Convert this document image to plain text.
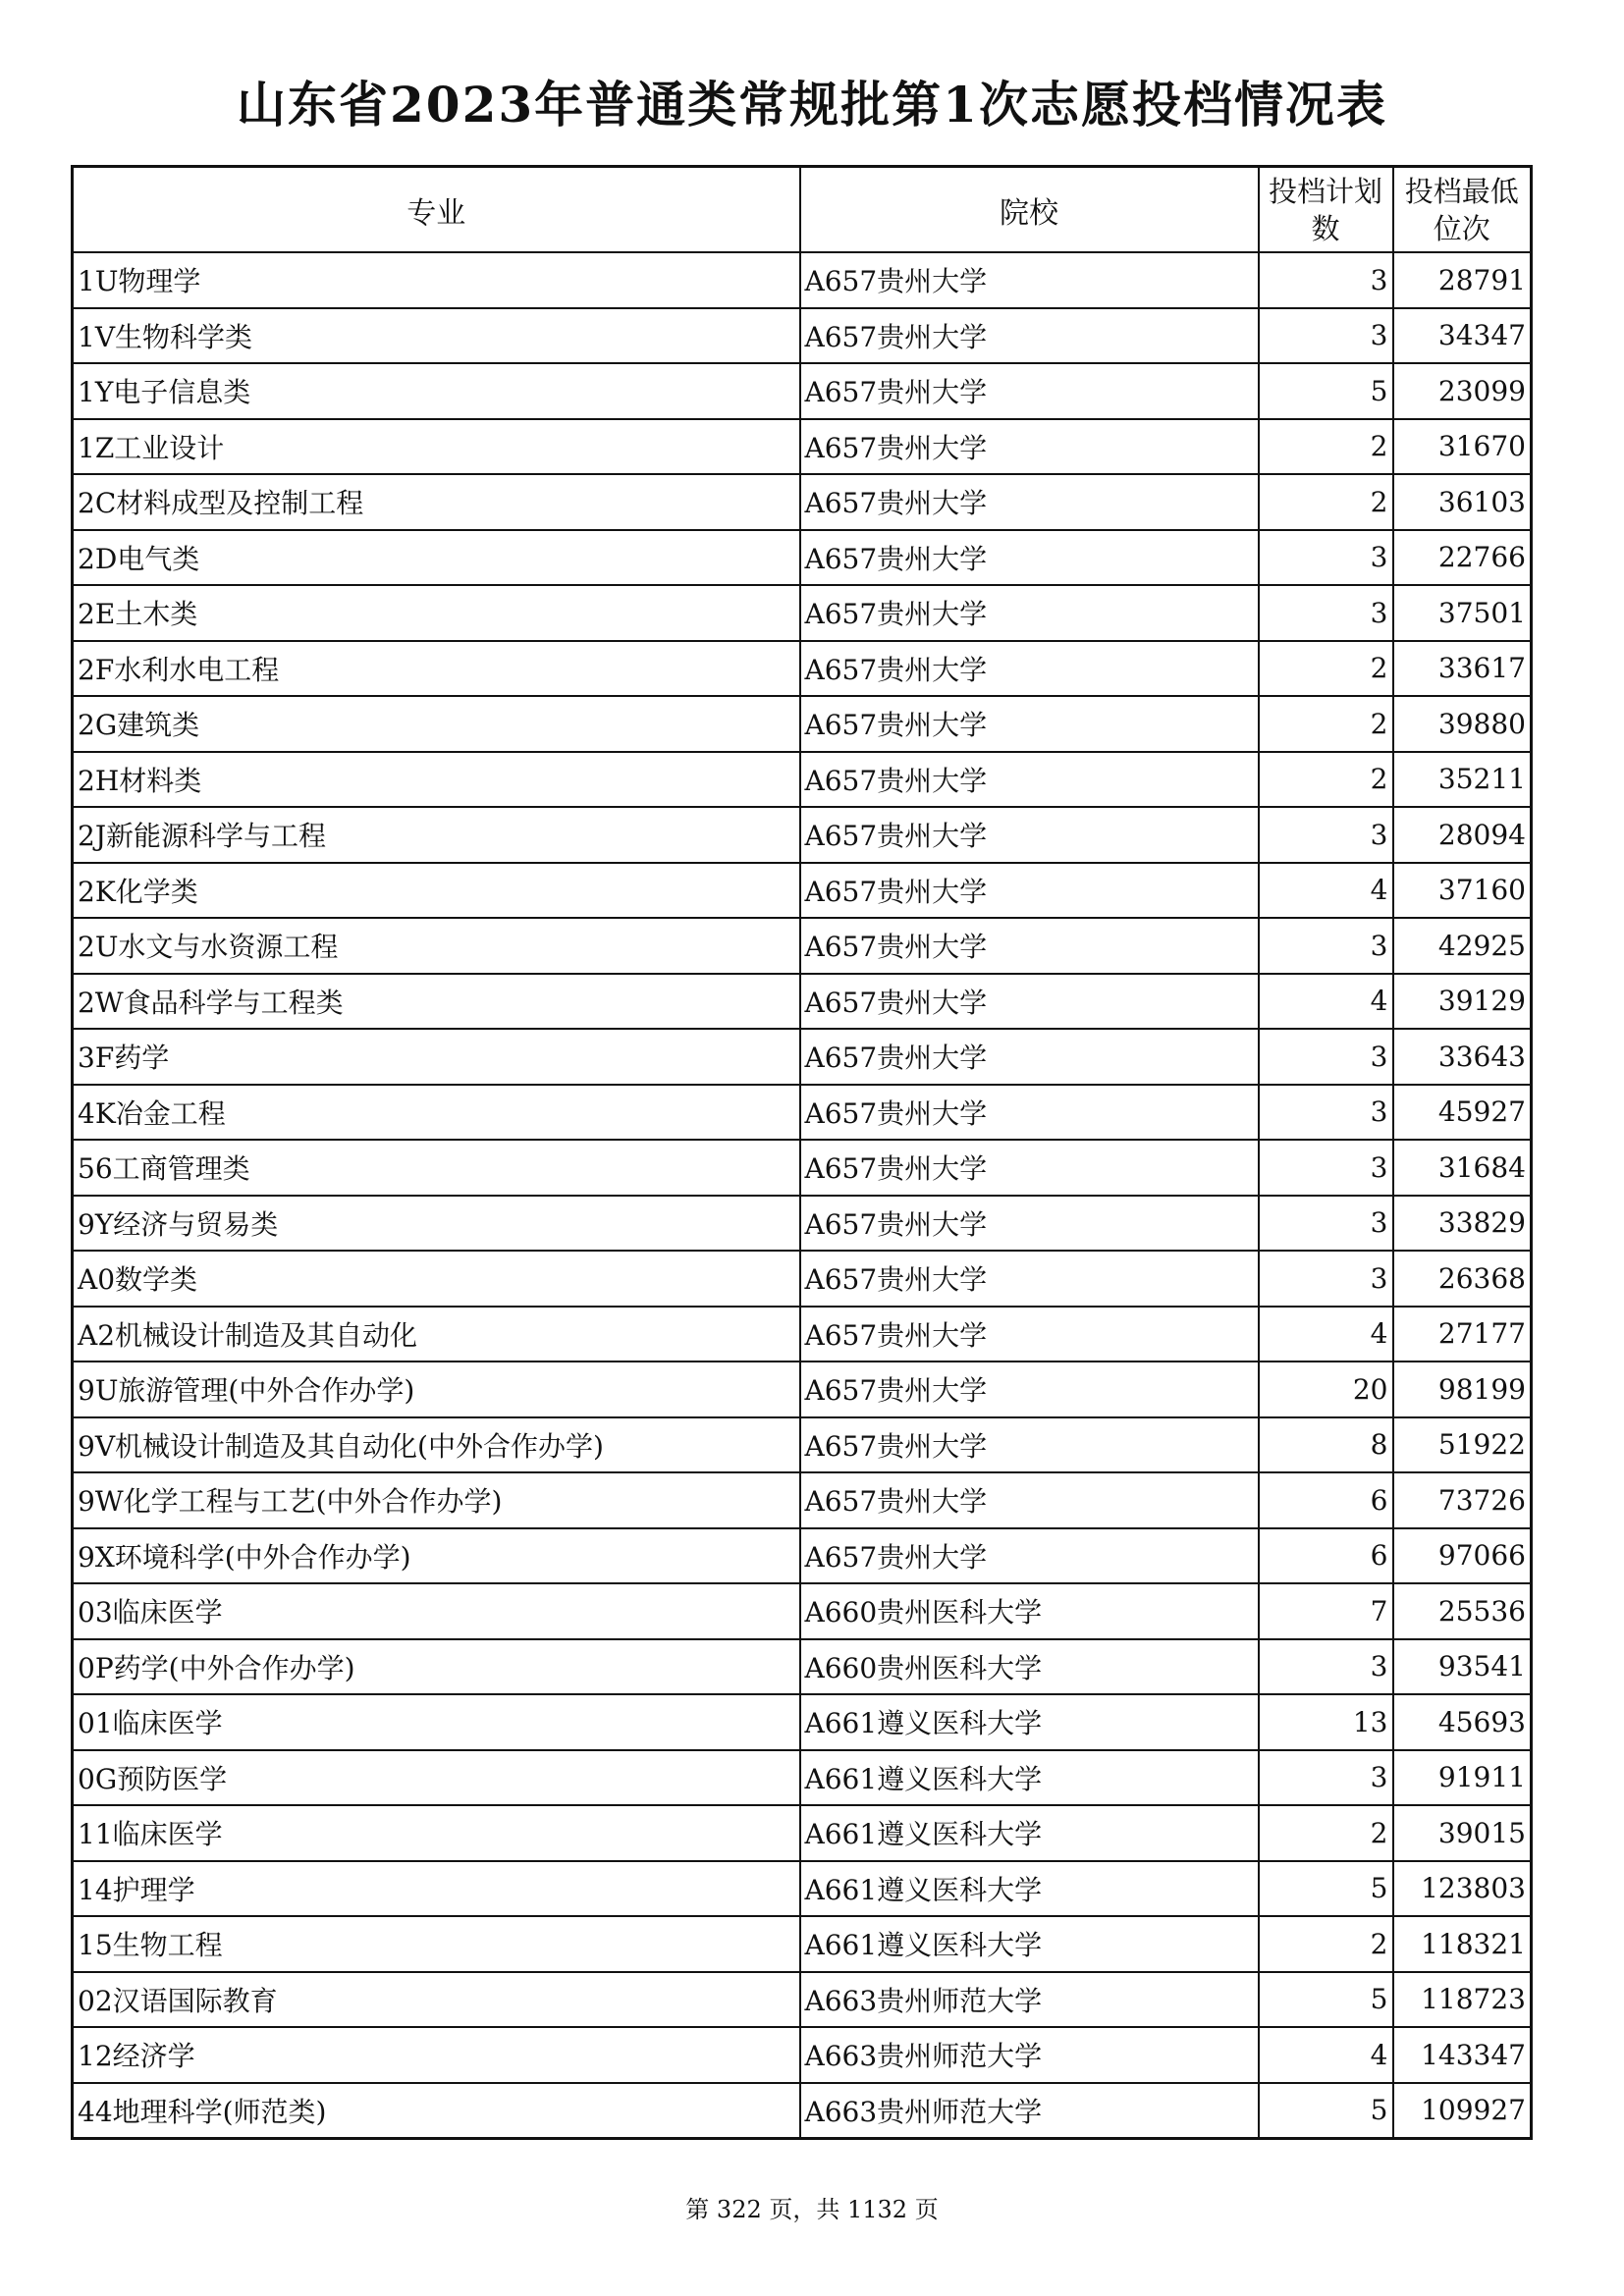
山东省2023年普通类常规批第1次志愿投档情况表
专业	院校	投档计划数	投档最低位次
1U物理学	A657贵州大学	3	28791
1V生物科学类	A657贵州大学	3	34347
1Y电子信息类	A657贵州大学	5	23099
1Z工业设计	A657贵州大学	2	31670
2C材料成型及控制工程	A657贵州大学	2	36103
2D电气类	A657贵州大学	3	22766
2E土木类	A657贵州大学	3	37501
2F水利水电工程	A657贵州大学	2	33617
2G建筑类	A657贵州大学	2	39880
2H材料类	A657贵州大学	2	35211
2J新能源科学与工程	A657贵州大学	3	28094
2K化学类	A657贵州大学	4	37160
2U水文与水资源工程	A657贵州大学	3	42925
2W食品科学与工程类	A657贵州大学	4	39129
3F药学	A657贵州大学	3	33643
4K冶金工程	A657贵州大学	3	45927
56工商管理类	A657贵州大学	3	31684
9Y经济与贸易类	A657贵州大学	3	33829
A0数学类	A657贵州大学	3	26368
A2机械设计制造及其自动化	A657贵州大学	4	27177
9U旅游管理(中外合作办学)	A657贵州大学	20	98199
9V机械设计制造及其自动化(中外合作办学)	A657贵州大学	8	51922
9W化学工程与工艺(中外合作办学)	A657贵州大学	6	73726
9X环境科学(中外合作办学)	A657贵州大学	6	97066
03临床医学	A660贵州医科大学	7	25536
0P药学(中外合作办学)	A660贵州医科大学	3	93541
01临床医学	A661遵义医科大学	13	45693
0G预防医学	A661遵义医科大学	3	91911
11临床医学	A661遵义医科大学	2	39015
14护理学	A661遵义医科大学	5	123803
15生物工程	A661遵义医科大学	2	118321
02汉语国际教育	A663贵州师范大学	5	118723
12经济学	A663贵州师范大学	4	143347
44地理科学(师范类)	A663贵州师范大学	5	109927
第 322 页，共 1132 页
